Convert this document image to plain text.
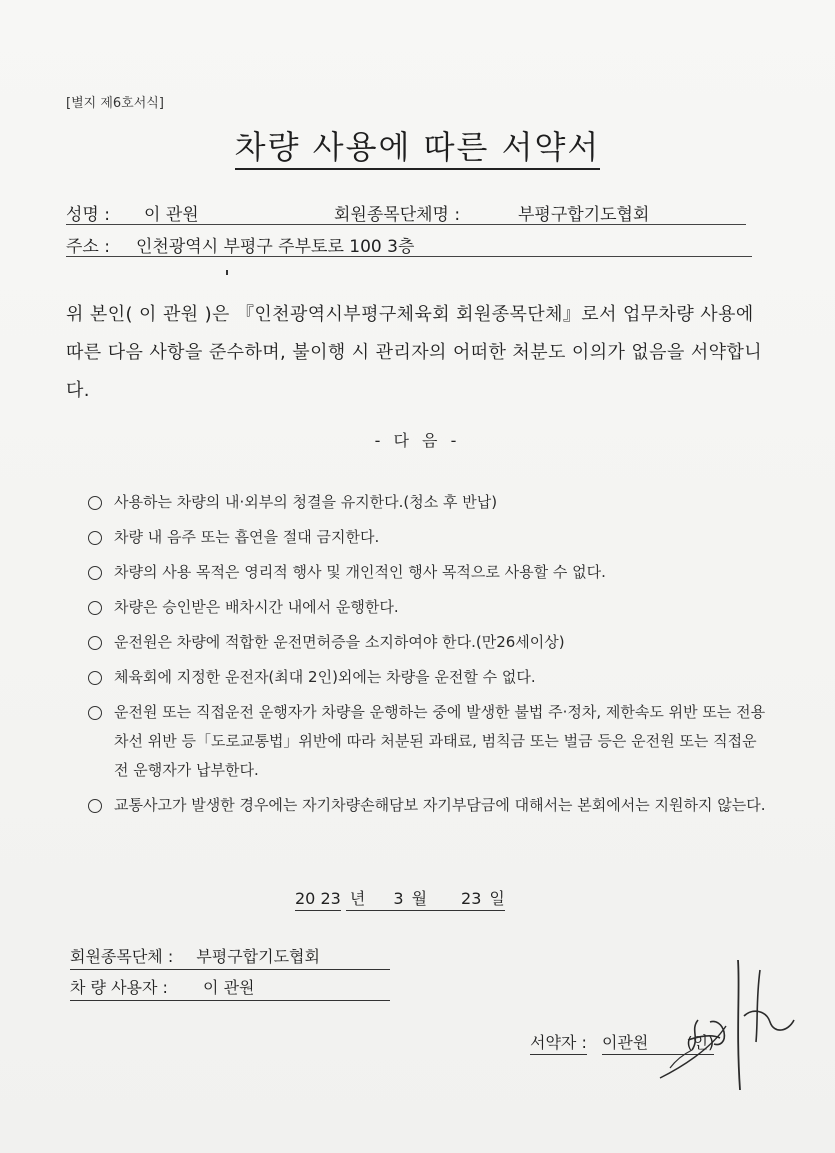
[별지 제6호서식]
차량 사용에 따른 서약서
성명 : 이 관원	회원종목단체명 :	부평구합기도협회
주소 : 인천광역시 부평구 주부토로 100 3층
위 본인( 이 관원 )은 『인천광역시부평구체육회 회원종목단체』로서 업무차량 사용에 따른 다음 사항을 준수하며, 불이행 시 관리자의 어떠한 처분도 이의가 없음을 서약합니다.
- 다 음 -
사용하는 차량의 내·외부의 청결을 유지한다.(청소 후 반납)
차량 내 음주 또는 흡연을 절대 금지한다.
차량의 사용 목적은 영리적 행사 및 개인적인 행사 목적으로 사용할 수 없다.
차량은 승인받은 배차시간 내에서 운행한다.
운전원은 차량에 적합한 운전면허증을 소지하여야 한다.(만26세이상)
체육회에 지정한 운전자(최대 2인)외에는 차량을 운전할 수 없다.
운전원 또는 직접운전 운행자가 차량을 운행하는 중에 발생한 불법 주·정차, 제한속도 위반 또는 전용차선 위반 등「도로교통법」위반에 따라 처분된 과태료, 범칙금 또는 벌금 등은 운전원 또는 직접운전 운행자가 납부한다.
교통사고가 발생한 경우에는 자기차량손해담보 자기부담금에 대해서는 본회에서는 지원하지 않는다.
20 23 년 3 월 23 일
회원종목단체 : 부평구합기도협회
차 량 사용자 : 이 관원
서약자 : 이관원 (인)
